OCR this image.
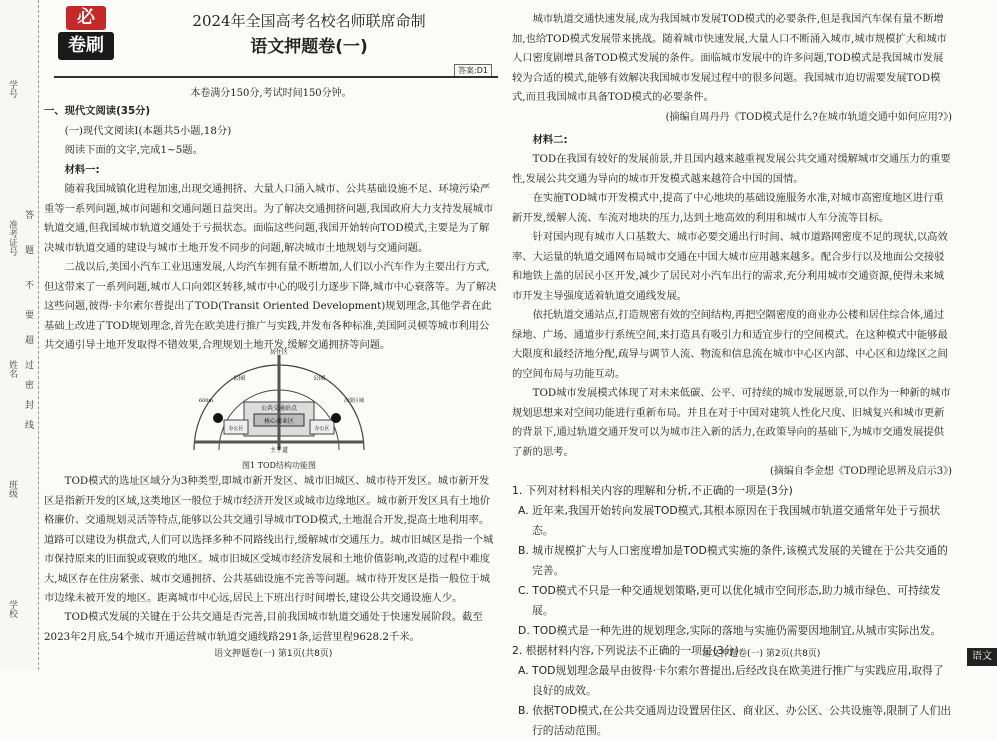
学号
准考证号
姓名
班级
学校
答
题
不
要
超
过
密
封
线
必
卷刷
2024年全国高考名校名师联席命制
语文押题卷(一)
答案:D1
本卷满分150分,考试时间150分钟。

一、现代文阅读(35分)

(一)现代文阅读Ⅰ(本题共5小题,18分)

阅读下面的文字,完成1~5题。

材料一:

随着我国城镇化进程加速,出现交通拥挤、大量人口涌入城市、公共基础设施不足、环境污染严重等一系列问题,城市问题和交通问题日益突出。为了解决交通拥挤问题,我国政府大力支持发展城市轨道交通,但我国城市轨道交通处于亏损状态。面临这些问题,我国开始转向TOD模式,主要是为了解决城市轨道交通的建设与城市土地开发不同步的问题,解决城市土地规划与交通问题。

二战以后,美国小汽车工业迅速发展,人均汽车拥有量不断增加,人们以小汽车作为主要出行方式,但这带来了一系列问题,城市人口向郊区转移,城市中心的吸引力逐步下降,城市中心衰落等。为了解决这些问题,彼得·卡尔索尔普提出了TOD(Transit Oriented Development)规划理念,其他学者在此基础上改进了TOD规划理念,首先在欧美进行推广与实践,并发布各种标准,美国阿灵顿等城市利用公共交通引导土地开发取得不错效果,合理规划土地开发,缓解交通拥挤等问题。

居住区
公园	公园
公共交通站点
核心商业区
办公区	办公区
主干道
600m	次要区域
图1 TOD结构功能图

TOD模式的选址区域分为3种类型,即城市新开发区、城市旧城区、城市待开发区。城市新开发区是指新开发的区域,这类地区一般位于城市经济开发区或城市边缘地区。城市新开发区具有土地价格廉价、交通规划灵活等特点,能够以公共交通引导城市TOD模式,土地混合开发,提高土地利用率。道路可以建设为棋盘式,人们可以选择多种不同路线出行,缓解城市交通压力。城市旧城区是指一个城市保持原来的旧面貌或衰败的地区。城市旧城区受城市经济发展和土地价值影响,改造的过程中难度大,城区存在住房紧张、城市交通拥挤、公共基础设施不完善等问题。城市待开发区是指一般位于城市边缘未被开发的地区。距离城市中心远,居民上下班出行时间增长,建设公共交通设施人少。

TOD模式发展的关键在于公共交通是否完善,目前我国城市轨道交通处于快速发展阶段。截至2023年2月底,54个城市开通运营城市轨道交通线路291条,运营里程9628.2千米。

语文押题卷(一) 第1页(共8页)

城市轨道交通快速发展,成为我国城市发展TOD模式的必要条件,但是我国汽车保有量不断增加,也给TOD模式发展带来挑战。随着城市快速发展,大量人口不断涌入城市,城市规模扩大和城市人口密度剧增具备TOD模式发展的条件。面临城市发展中的许多问题,TOD模式是我国城市发展较为合适的模式,能够有效解决我国城市发展过程中的很多问题。我国城市迫切需要发展TOD模式,而且我国城市具备TOD模式的必要条件。

(摘编自周丹丹《TOD模式是什么?在城市轨道交通中如何应用?》)

材料二:

TOD在我国有较好的发展前景,并且国内越来越重视发展公共交通对缓解城市交通压力的重要性,发展公共交通为导向的城市开发模式越来越符合中国的国情。

在实施TOD城市开发模式中,提高了中心地块的基础设施服务水准,对城市高密度地区进行重新开发,缓解人流、车流对地块的压力,达到土地高效的利用和城市人车分流等目标。

针对国内现有城市人口基数大、城市必要交通出行时间、城市道路网密度不足的现状,以高效率、大运量的轨道交通网布局城市交通在中国大城市应用越来越多。配合步行以及地面公交接驳和地铁上盖的居民小区开发,减少了居民对小汽车出行的需求,充分利用城市交通资源,使得未来城市开发主导强度适着轨道交通线发展。

依托轨道交通站点,打造规密有效的空间结构,再把空隔密度的商业办公楼和居住综合体,通过绿地、广场、通道步行系统空间,来打造具有吸引力和适宜步行的空间模式。在这种模式中能够最大限度和最经济地分配,疏导与调节人流、物流和信息流在城市中心区内部、中心区和边缘区之间的空间布局与功能互动。

TOD城市发展模式体现了对未来低碳、公平、可持续的城市发展愿景,可以作为一种新的城市规划思想来对空间功能进行重新布局。并且在对于中国对建筑人性化尺度、旧城复兴和城市更新的背景下,通过轨道交通开发可以为城市注入新的活力,在政策导向的基础下,为城市交通发展提供了新的思考。

(摘编自李金想《TOD理论思辨及启示3》)

1. 下列对材料相关内容的理解和分析,不正确的一项是(3分)

A. 近年来,我国开始转向发展TOD模式,其根本原因在于我国城市轨道交通常年处于亏损状态。

B. 城市规模扩大与人口密度增加是TOD模式实施的条件,该模式发展的关键在于公共交通的完善。

C. TOD模式不只是一种交通规划策略,更可以优化城市空间形态,助力城市绿色、可持续发展。

D. TOD模式是一种先进的规划理念,实际的落地与实施仍需要因地制宜,从城市实际出发。

2. 根据材料内容,下列说法不正确的一项是(3分)

A. TOD规划理念最早由彼得·卡尔索尔普提出,后经改良在欧美进行推广与实践应用,取得了良好的成效。

B. 依据TOD模式,在公共交通周边设置居住区、商业区、办公区、公共设施等,限制了人们出行的活动范围。

语文押题卷(一) 第2页(共8页)	语文
